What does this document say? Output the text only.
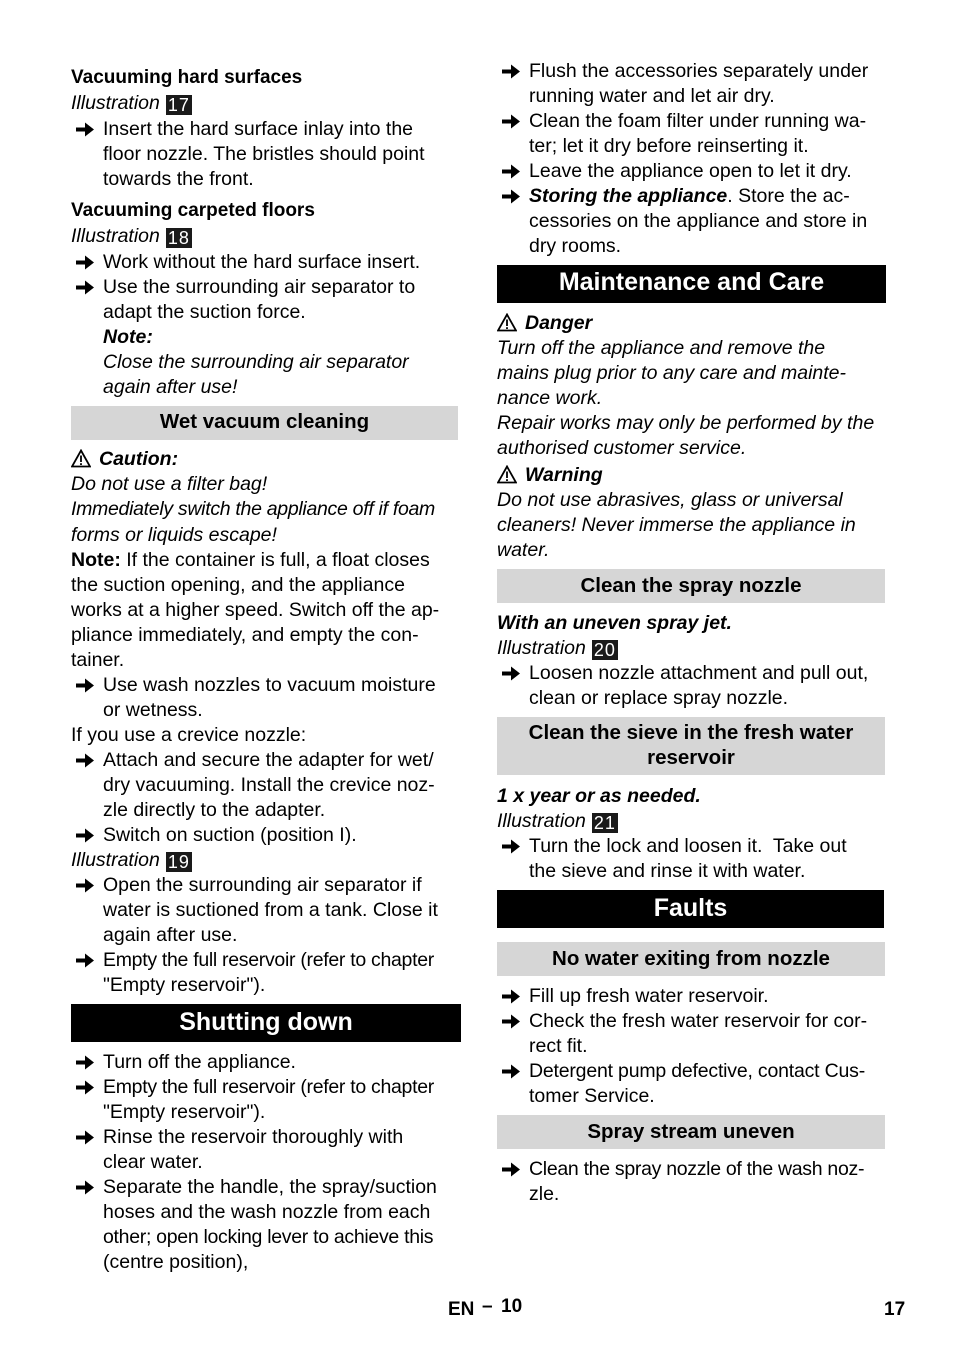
Vacuuming hard surfaces
Illustration 17
Insert the hard surface inlay into the
floor nozzle. The bristles should point
towards the front.
Vacuuming carpeted floors
Illustration 18
Work without the hard surface insert.
Use the surrounding air separator to
adapt the suction force.
Note:
Close the surrounding air separator
again after use!
Wet vacuum cleaning
Caution:
Do not use a filter bag!
Immediately switch the appliance off if foam
forms or liquids escape!
Note: If the container is full, a float closes
the suction opening, and the appliance
works at a higher speed. Switch off the ap-
pliance immediately, and empty the con-
tainer.
Use wash nozzles to vacuum moisture
or wetness.
If you use a crevice nozzle:
Attach and secure the adapter for wet/
dry vacuuming. Install the crevice noz-
zle directly to the adapter.
Switch on suction (position I).
Illustration 19
Open the surrounding air separator if
water is suctioned from a tank. Close it
again after use.
Empty the full reservoir (refer to chapter
"Empty reservoir").
Shutting down
Turn off the appliance.
Empty the full reservoir (refer to chapter
"Empty reservoir").
Rinse the reservoir thoroughly with
clear water.
Separate the handle, the spray/suction
hoses and the wash nozzle from each
other; open locking lever to achieve this
(centre position),
Flush the accessories separately under
running water and let air dry.
Clean the foam filter under running wa-
ter; let it dry before reinserting it.
Leave the appliance open to let it dry.
Storing the appliance. Store the ac-
cessories on the appliance and store in
dry rooms.
Maintenance and Care
Danger
Turn off the appliance and remove the
mains plug prior to any care and mainte-
nance work.
Repair works may only be performed by the
authorised customer service.
Warning
Do not use abrasives, glass or universal
cleaners! Never immerse the appliance in
water.
Clean the spray nozzle
With an uneven spray jet.
Illustration 20
Loosen nozzle attachment and pull out,
clean or replace spray nozzle.
Clean the sieve in the fresh water
reservoir
1 x year or as needed.
Illustration 21
Turn the lock and loosen it.  Take out
the sieve and rinse it with water.
Faults
No water exiting from nozzle
Fill up fresh water reservoir.
Check the fresh water reservoir for cor-
rect fit.
Detergent pump defective, contact Cus-
tomer Service.
Spray stream uneven
Clean the spray nozzle of the wash noz-
zle.
EN – 10	17
